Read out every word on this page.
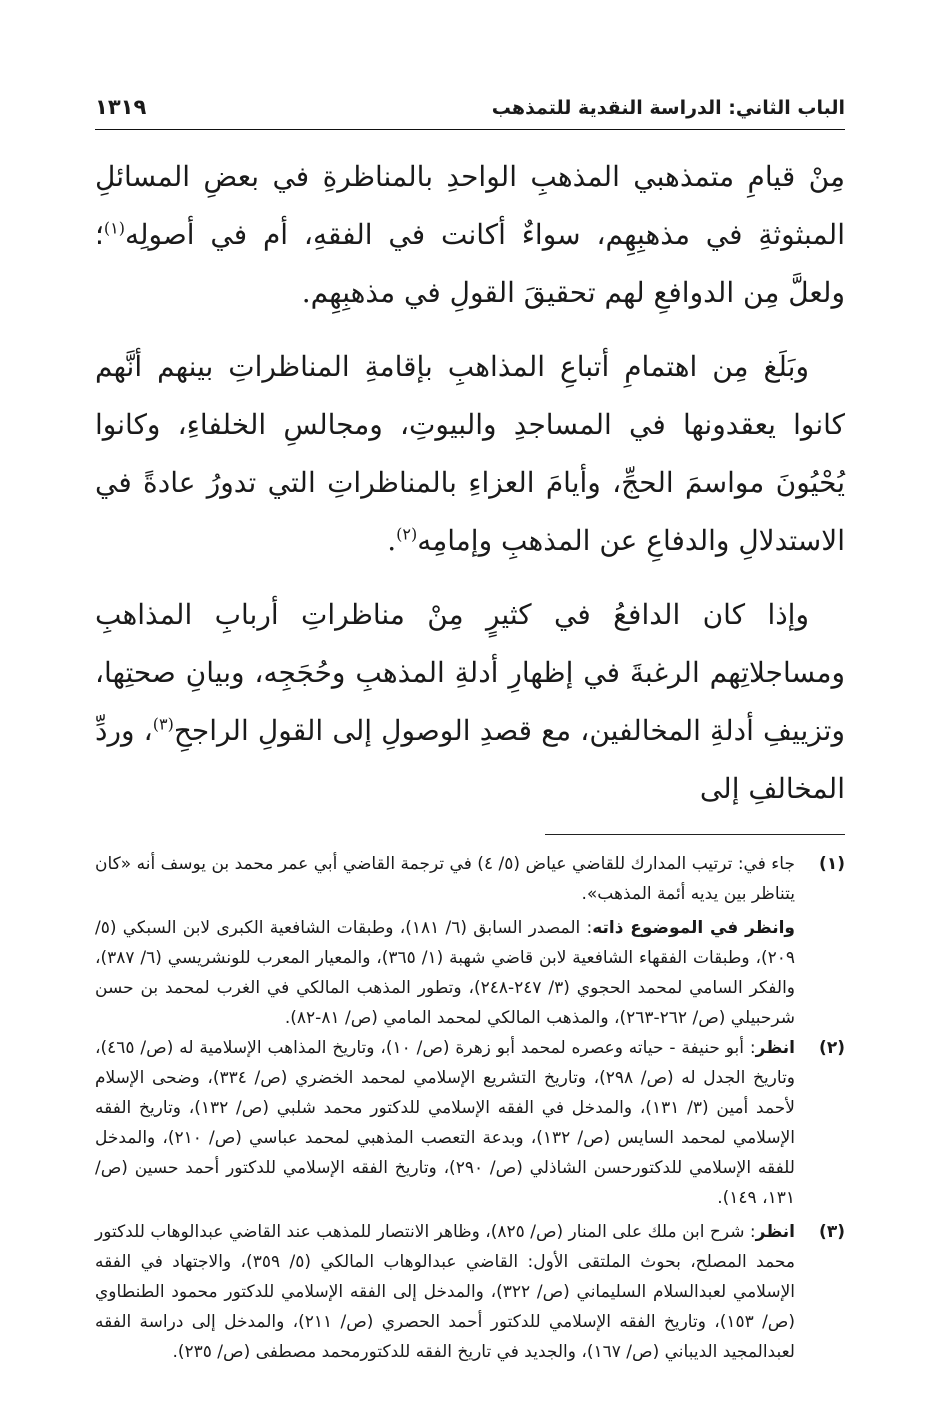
الباب الثاني: الدراسة النقدية للتمذهب
١٣١٩

مِنْ قيامِ متمذهبي المذهبِ الواحدِ بالمناظرةِ في بعضِ المسائلِ المبثوثةِ في مذهبِهِم، سواءٌ أكانت في الفقهِ، أم في أصولِه$^{(١)}$؛ ولعلَّ مِن الدوافعِ لهم تحقيقَ القولِ في مذهبِهِم.

وبَلَغ مِن اهتمامِ أتباعِ المذاهبِ بإقامةِ المناظراتِ بينهم أنَّهم كانوا يعقدونها في المساجدِ والبيوتِ، ومجالسِ الخلفاءِ، وكانوا يُحْيُونَ مواسمَ الحجِّ، وأيامَ العزاءِ بالمناظراتِ التي تدورُ عادةً في الاستدلالِ والدفاعِ عن المذهبِ وإمامِه$^{(٢)}$.

وإذا كان الدافعُ في كثيرٍ مِنْ مناظراتِ أربابِ المذاهبِ ومساجلاتِهم الرغبةَ في إظهارِ أدلةِ المذهبِ وحُجَجِه، وبيانِ صحتِها، وتزييفِ أدلةِ المخالفين، مع قصدِ الوصولِ إلى القولِ الراجحِ$^{(٣)}$، وردِّ المخالفِ إلى

(١)

جاء في: ترتيب المدارك للقاضي عياض (٥/ ٤) في ترجمة القاضي أبي عمر محمد بن يوسف أنه «كان يتناظر بين يديه أئمة المذهب».

وانظر في الموضوع ذاته: المصدر السابق (٦/ ١٨١)، وطبقات الشافعية الكبرى لابن السبكي (٥/ ٢٠٩)، وطبقات الفقهاء الشافعية لابن قاضي شهبة (١/ ٣٦٥)، والمعيار المعرب للونشريسي (٦/ ٣٨٧)، والفكر السامي لمحمد الحجوي (٣/ ٢٤٧-٢٤٨)، وتطور المذهب المالكي في الغرب لمحمد بن حسن شرحبيلي (ص/ ٢٦٢-٢٦٣)، والمذهب المالكي لمحمد المامي (ص/ ٨١-٨٢).

(٢)

انظر: أبو حنيفة - حياته وعصره لمحمد أبو زهرة (ص/ ١٠)، وتاريخ المذاهب الإسلامية له (ص/ ٤٦٥)، وتاريخ الجدل له (ص/ ٢٩٨)، وتاريخ التشريع الإسلامي لمحمد الخضري (ص/ ٣٣٤)، وضحى الإسلام لأحمد أمين (٣/ ١٣١)، والمدخل في الفقه الإسلامي للدكتور محمد شلبي (ص/ ١٣٢)، وتاريخ الفقه الإسلامي لمحمد السايس (ص/ ١٣٢)، وبدعة التعصب المذهبي لمحمد عباسي (ص/ ٢١٠)، والمدخل للفقه الإسلامي للدكتورحسن الشاذلي (ص/ ٢٩٠)، وتاريخ الفقه الإسلامي للدكتور أحمد حسين (ص/ ١٣١، ١٤٩).

(٣)

انظر: شرح ابن ملك على المنار (ص/ ٨٢٥)، وظاهر الانتصار للمذهب عند القاضي عبدالوهاب للدكتور محمد المصلح، بحوث الملتقى الأول: القاضي عبدالوهاب المالكي (٥/ ٣٥٩)، والاجتهاد في الفقه الإسلامي لعبدالسلام السليماني (ص/ ٣٢٢)، والمدخل إلى الفقه الإسلامي للدكتور محمود الطنطاوي (ص/ ١٥٣)، وتاريخ الفقه الإسلامي للدكتور أحمد الحصري (ص/ ٢١١)، والمدخل إلى دراسة الفقه لعبدالمجيد الديباني (ص/ ١٦٧)، والجديد في تاريخ الفقه للدكتورمحمد مصطفى (ص/ ٢٣٥).
